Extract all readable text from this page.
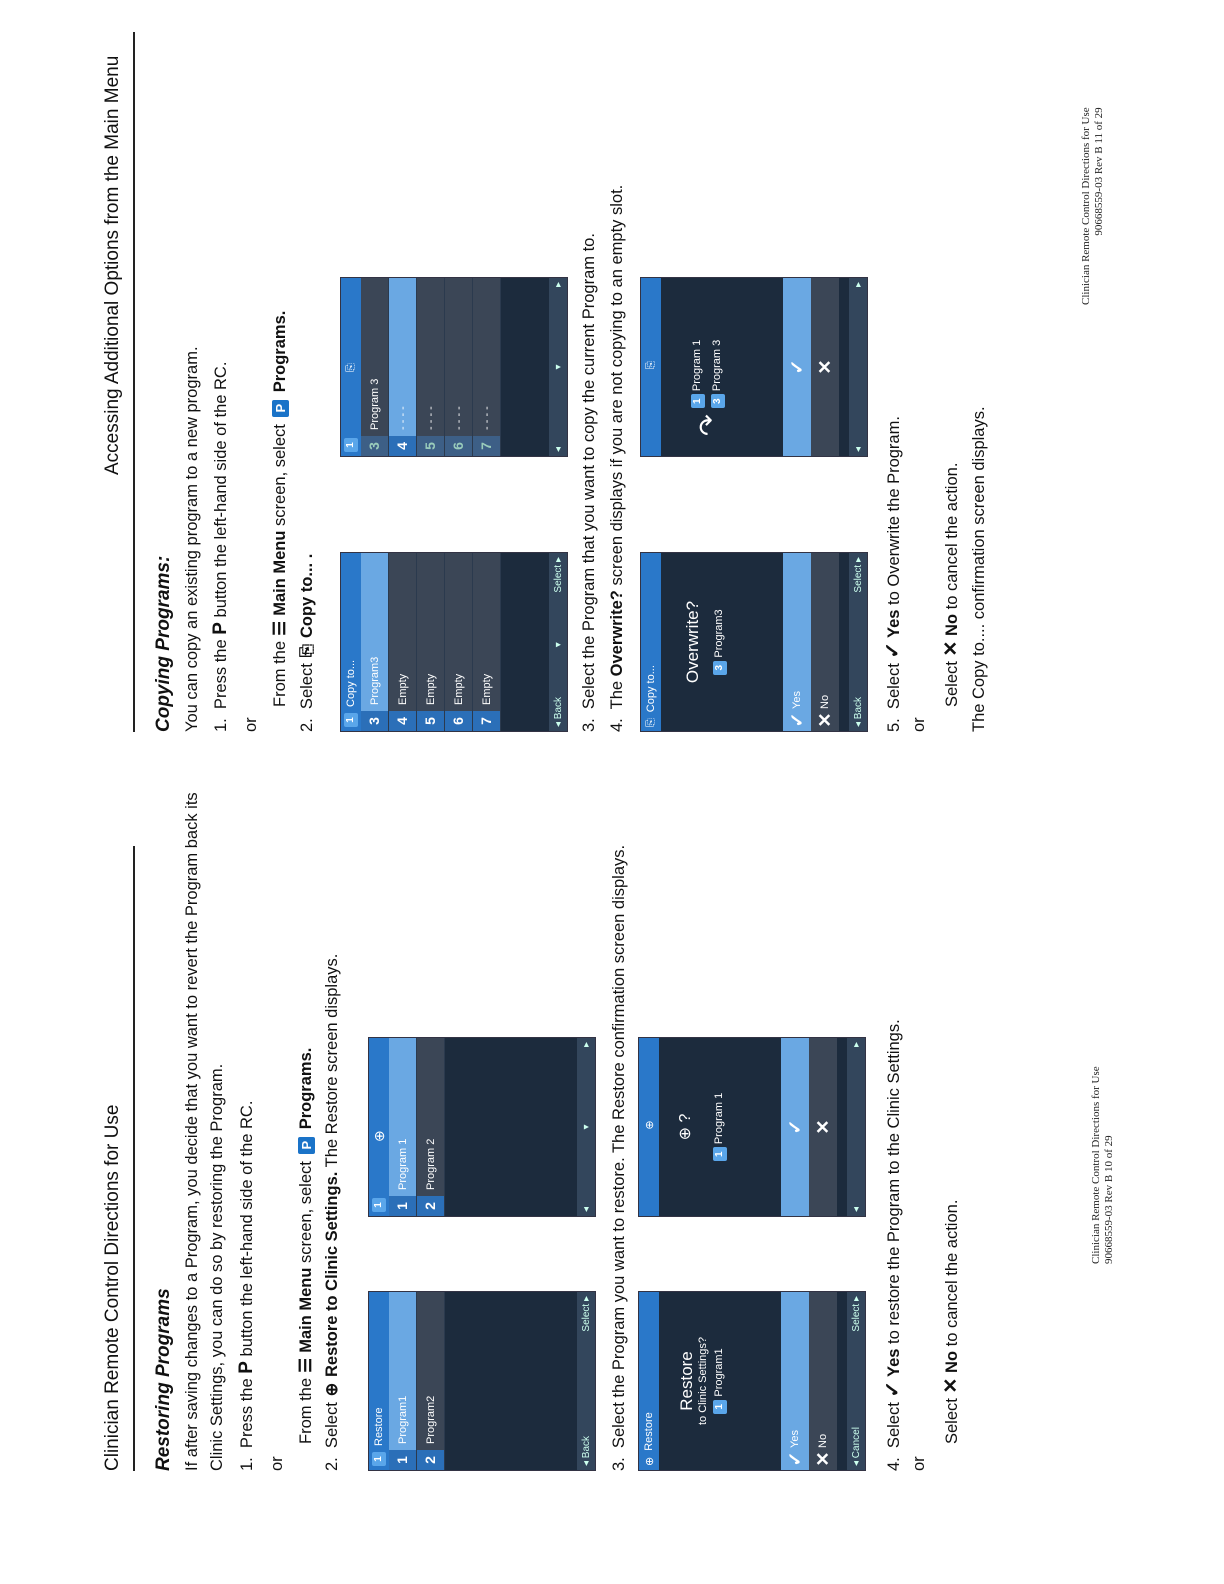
Clinician Remote Control Directions for Use Restoring Programs If after saving changes to a Program, you decide that you want to revert the Program back its Clinic Settings, you can do so by restoring the Program. 1.  Press the P button the left-hand side of the RC.
or
From the ☰ Main Menu screen, select P Programs.
2.  Select ⊕ Restore to Clinic Settings. The Restore screen displays.
1
Restore
1
Program1
2
Program2
◂ Back
Select ▸
1
⊕
1
Program 1
2
Program 2
◂
▾
▸
3.  Select the Program you want to restore. The Restore confirmation screen displays.
⊕
Restore
Restore to Clinic Settings? 1 Program1
✓
Yes
✕
No ◂ Cancel
Select ▸
⊕
⊕ ?
1 Program 1	✓ ✕
◂
▸
4.  Select ✓ Yes to restore the Program to the Clinic Settings.
or
Select ✕ No to cancel the action.
Clinician Remote Control Directions for Use 90668559-03 Rev B 10 of 29
Accessing Additional Options from the Main Menu
Copying Programs: You can copy an existing program to a new program. 1.  Press the P button the left-hand side of the RC.
or
From the ☰ Main Menu screen, select P Programs.
2.  Select ⎘ Copy to... .
1
Copy to...
3
Program3
4
Empty
5
Empty
6
Empty
7
Empty
◂ Back
▾
Select ▸
1
⎘
3
Program 3
4
- - - -
5
- - - -
6
- - - -
7
- - - -
◂
▾
▸
3.  Select the Program that you want to copy the current Program to.
4.  The Overwrite? screen displays if you are not copying to an empty slot.
⎘
Copy to...
Overwrite? 3 Program3
✓
Yes
✕
No ◂ Back
Select ▸
⎘
↷
1 Program 1
3 Program 3	✓ ✕
◂
▸
5.  Select ✓ Yes to Overwrite the Program.
or
Select ✕ No to cancel the action. The Copy to.... confirmation screen displays.
Clinician Remote Control Directions for Use 90668559-03 Rev B 11 of 29
